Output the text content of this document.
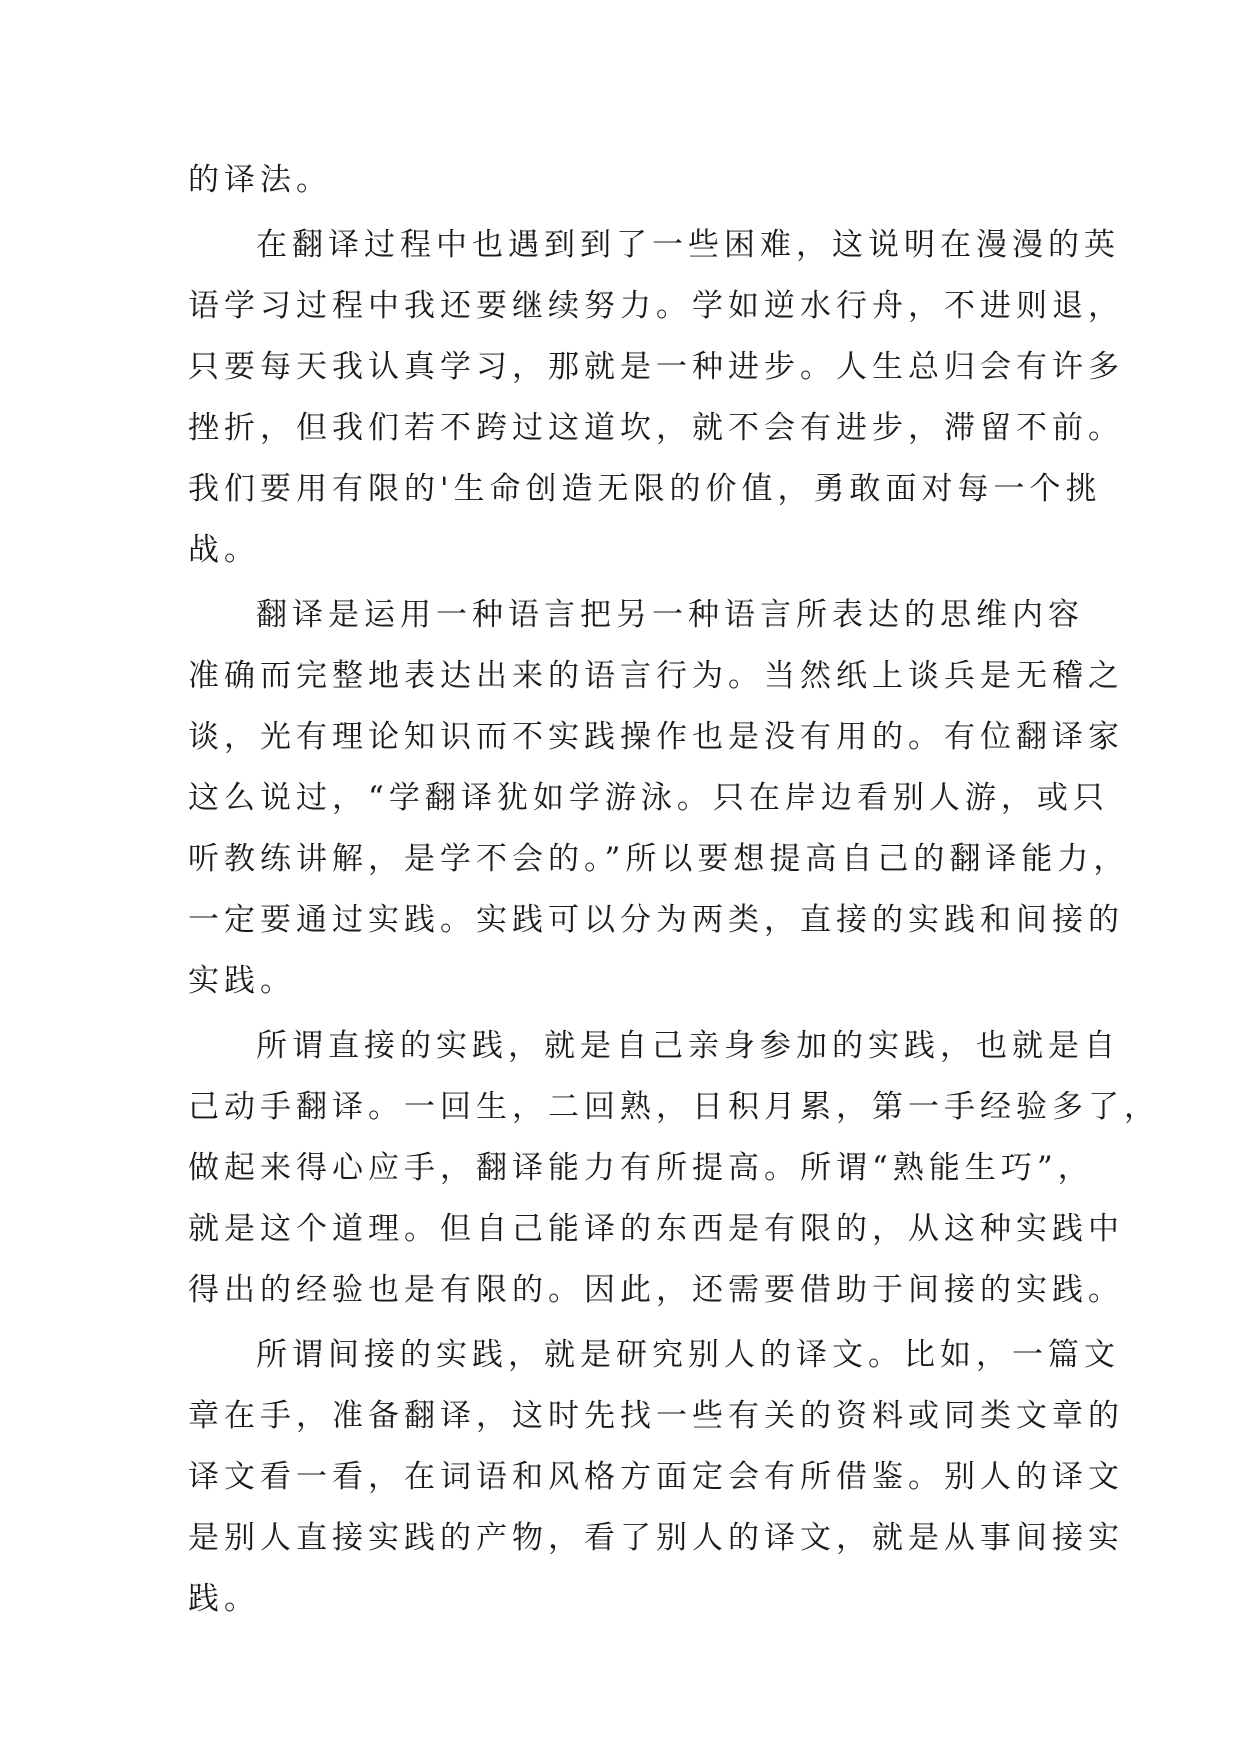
的译法。
在翻译过程中也遇到到了一些困难，这说明在漫漫的英
语学习过程中我还要继续努力。学如逆水行舟，不进则退，
只要每天我认真学习，那就是一种进步。人生总归会有许多
挫折，但我们若不跨过这道坎，就不会有进步，滞留不前。
我们要用有限的'生命创造无限的价值，勇敢面对每一个挑
战。
翻译是运用一种语言把另一种语言所表达的思维内容
准确而完整地表达出来的语言行为。当然纸上谈兵是无稽之
谈，光有理论知识而不实践操作也是没有用的。有位翻译家
这么说过，“学翻译犹如学游泳。只在岸边看别人游，或只
听教练讲解，是学不会的。”所以要想提高自己的翻译能力，
一定要通过实践。实践可以分为两类，直接的实践和间接的
实践。
所谓直接的实践，就是自己亲身参加的实践，也就是自
己动手翻译。一回生，二回熟，日积月累，第一手经验多了，
做起来得心应手，翻译能力有所提高。所谓“熟能生巧”，
就是这个道理。但自己能译的东西是有限的，从这种实践中
得出的经验也是有限的。因此，还需要借助于间接的实践。
所谓间接的实践，就是研究别人的译文。比如，一篇文
章在手，准备翻译，这时先找一些有关的资料或同类文章的
译文看一看，在词语和风格方面定会有所借鉴。别人的译文
是别人直接实践的产物，看了别人的译文，就是从事间接实
践。
